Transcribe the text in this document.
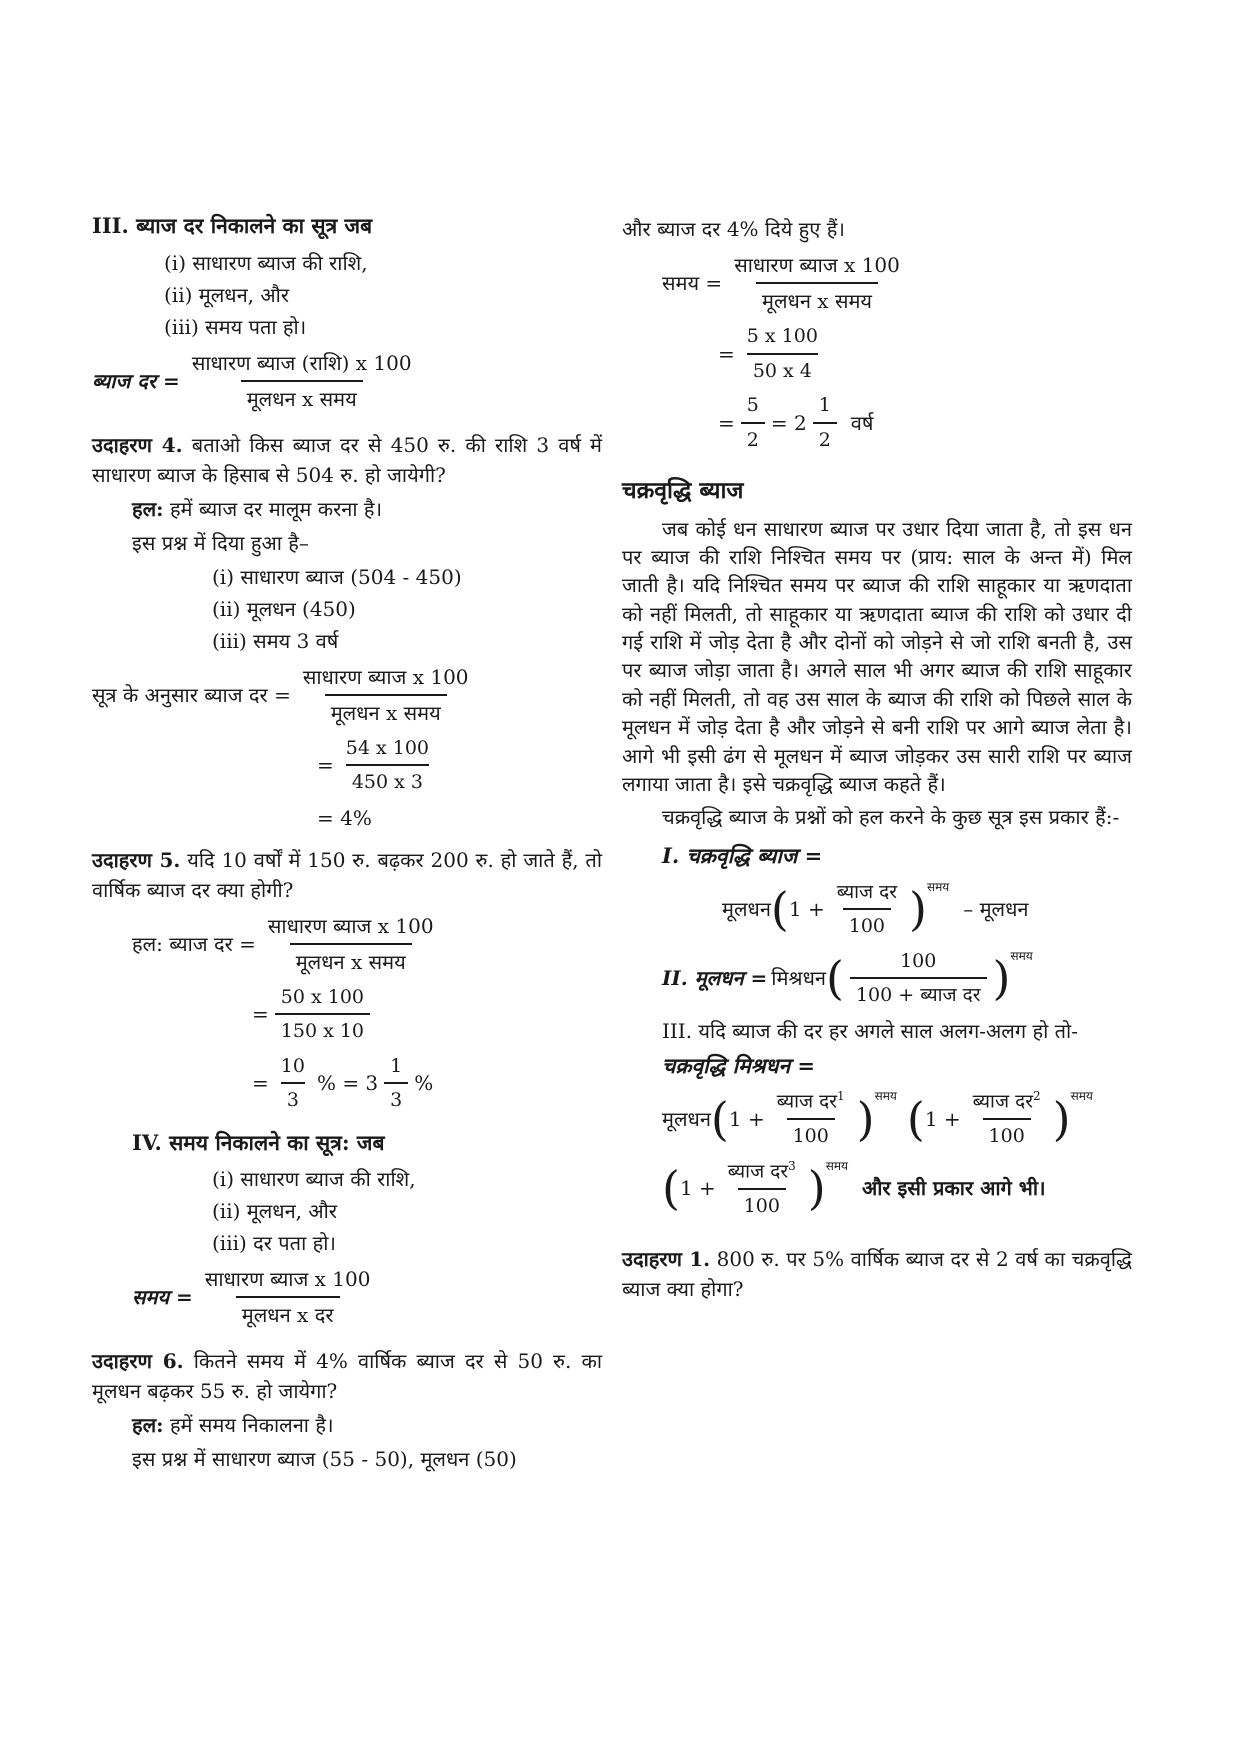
III. ब्याज दर निकालने का सूत्र जब
(i) साधारण ब्याज की राशि,
(ii) मूलधन, और
(iii) समय पता हो।
ब्याज दर = $\frac{\text{साधारण ब्याज (राशि) x 100}}{\text{मूलधन x समय}}$
उदाहरण 4. बताओ किस ब्याज दर से 450 रु. की राशि 3 वर्ष में साधारण ब्याज के हिसाब से 504 रु. हो जायेगी?
हल: हमें ब्याज दर मालूम करना है।
इस प्रश्न में दिया हुआ है–
(i) साधारण ब्याज (504 - 450)
(ii) मूलधन (450)
(iii) समय 3 वर्ष
सूत्र के अनुसार ब्याज दर = $\frac{\text{साधारण ब्याज x 100}}{\text{मूलधन x समय}}$
= $\frac{54 x 100}{450 x 3}$
= 4%
उदाहरण 5. यदि 10 वर्षों में 150 रु. बढ़कर 200 रु. हो जाते हैं, तो वार्षिक ब्याज दर क्या होगी?
हल: ब्याज दर = $\frac{\text{साधारण ब्याज x 100}}{\text{मूलधन x समय}}$
= $\frac{50 x 100}{150 x 10}$
= $\frac{10}{3}$ % = $3 \frac{1}{3}$ %
IV. समय निकालने का सूत्र: जब
(i) साधारण ब्याज की राशि,
(ii) मूलधन, और
(iii) दर पता हो।
समय = $\frac{\text{साधारण ब्याज x 100}}{\text{मूलधन x दर}}$
उदाहरण 6. कितने समय में 4% वार्षिक ब्याज दर से 50 रु. का मूलधन बढ़कर 55 रु. हो जायेगा?
हल: हमें समय निकालना है।
इस प्रश्न में साधारण ब्याज (55 - 50), मूलधन (50)
और ब्याज दर 4% दिये हुए हैं।
समय = $\frac{\text{साधारण ब्याज x 100}}{\text{मूलधन x समय}}$
= $\frac{5 x 100}{50 x 4}$
= $\frac{5}{2} = 2 \frac{1}{2}$ वर्ष
चक्रवृद्धि ब्याज
जब कोई धन साधारण ब्याज पर उधार दिया जाता है, तो इस धन पर ब्याज की राशि निश्चित समय पर (प्राय: साल के अन्त में) मिल जाती है। यदि निश्चित समय पर ब्याज की राशि साहूकार या ऋणदाता को नहीं मिलती, तो साहूकार या ऋणदाता ब्याज की राशि को उधार दी गई राशि में जोड़ देता है और दोनों को जोड़ने से जो राशि बनती है, उस पर ब्याज जोड़ा जाता है। अगले साल भी अगर ब्याज की राशि साहूकार को नहीं मिलती, तो वह उस साल के ब्याज की राशि को पिछले साल के मूलधन में जोड़ देता है और जोड़ने से बनी राशि पर आगे ब्याज लेता है। आगे भी इसी ढंग से मूलधन में ब्याज जोड़कर उस सारी राशि पर ब्याज लगाया जाता है। इसे चक्रवृद्धि ब्याज कहते हैं।
चक्रवृद्धि ब्याज के प्रश्नों को हल करने के कुछ सूत्र इस प्रकार हैं:-
I. चक्रवृद्धि ब्याज =
मूलधन ( $1 + \frac{\text{ब्याज दर}}{100}$ ) समय
– मूलधन
II. मूलधन = मिश्रधन ( $\frac{100}{\text{100 + ब्याज दर}}$ ) समय
III. यदि ब्याज की दर हर अगले साल अलग-अलग हो तो-
चक्रवृद्धि मिश्रधन =
मूलधन ( $1 + \frac{ब्याज दर^1}{100}$ ) समय ( $1 + \frac{ब्याज दर^2}{100}$ ) समय
( $1 + \frac{ब्याज दर^3}{100}$ ) समय
और इसी प्रकार आगे भी।
उदाहरण 1. 800 रु. पर 5% वार्षिक ब्याज दर से 2 वर्ष का चक्रवृद्धि ब्याज क्या होगा?
